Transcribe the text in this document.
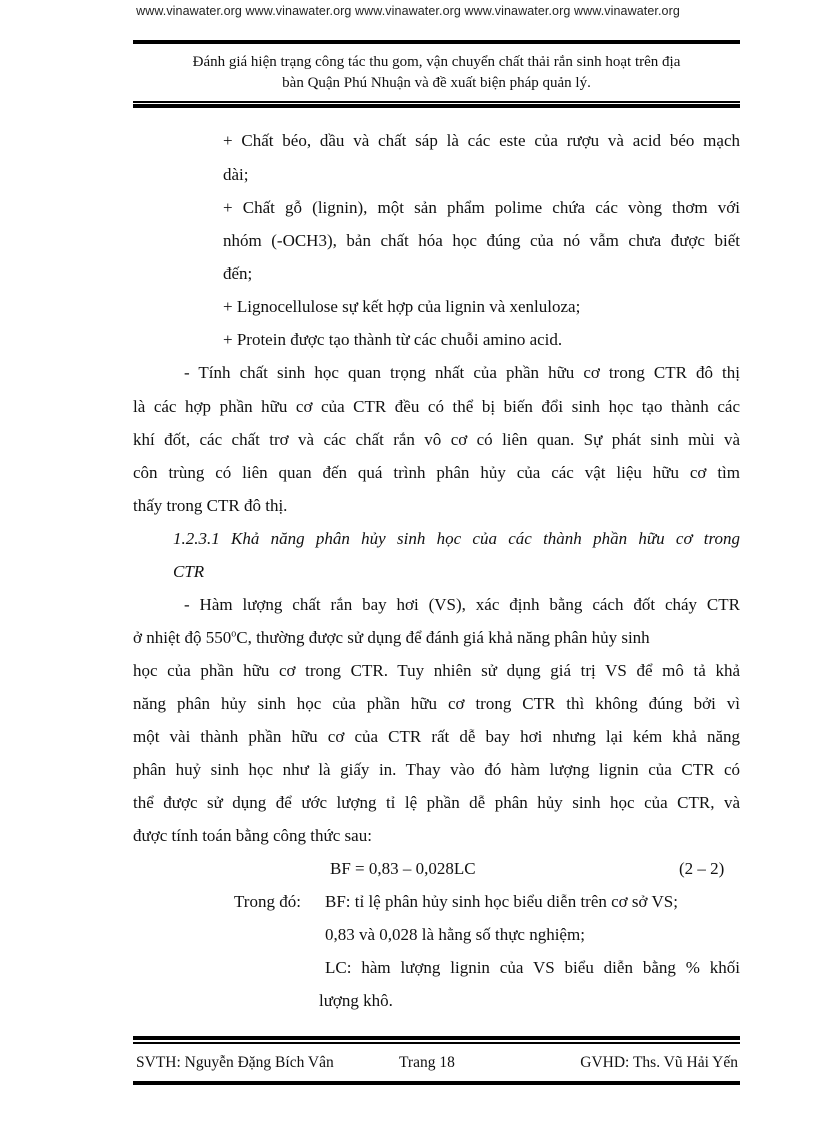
www.vinawater.org www.vinawater.org www.vinawater.org www.vinawater.org www.vinawater.org
Đánh giá hiện trạng công tác thu gom, vận chuyển chất thải rắn sinh hoạt trên địa
bàn Quận Phú Nhuận và đề xuất biện pháp quản lý.
+ Chất béo, dầu và chất sáp là các este của rượu và acid béo mạch
dài;
+ Chất gỗ (lignin), một sản phẩm polime chứa các vòng thơm với
nhóm (-OCH3), bản chất hóa học đúng của nó vẫm chưa được biết
đến;
+ Lignocellulose sự kết hợp của lignin và xenluloza;
+ Protein được tạo thành từ các chuỗi amino acid.
- Tính chất sinh học quan trọng nhất của phần hữu cơ trong CTR đô thị
là các hợp phần hữu cơ của CTR đều có thể bị biến đổi sinh học tạo thành các
khí đốt, các chất trơ và các chất rắn vô cơ có liên quan. Sự phát sinh mùi và
côn trùng có liên quan đến quá trình phân hủy của các vật liệu hữu cơ tìm
thấy trong CTR đô thị.
1.2.3.1 Khả năng phân hủy sinh học của các thành phần hữu cơ trong
CTR
- Hàm lượng chất rắn bay hơi (VS), xác định bằng cách đốt cháy CTR
ở nhiệt độ 550$^o$C, thường được sử dụng để đánh giá khả năng phân hủy sinh
học của phần hữu cơ trong CTR. Tuy nhiên sử dụng giá trị VS để mô tả khả
năng phân hủy sinh học của phần hữu cơ trong CTR thì không đúng bởi vì
một vài thành phần hữu cơ của CTR rất dễ bay hơi nhưng lại kém khả năng
phân huỷ sinh học như là giấy in. Thay vào đó hàm lượng lignin của CTR có
thể được sử dụng để ước lượng tỉ lệ phần dễ phân hủy sinh học của CTR, và
được tính toán bằng công thức sau:
BF = 0,83 – 0,028LC	(2 – 2)
Trong đó: BF: tỉ lệ phân hủy sinh học biểu diễn trên cơ sở VS;
0,83 và 0,028 là hằng số thực nghiệm;
LC: hàm lượng lignin của VS biểu diễn bằng % khối
lượng khô.
SVTH: Nguyễn Đặng Bích Vân	Trang 18	GVHD: Ths. Vũ Hải Yến
